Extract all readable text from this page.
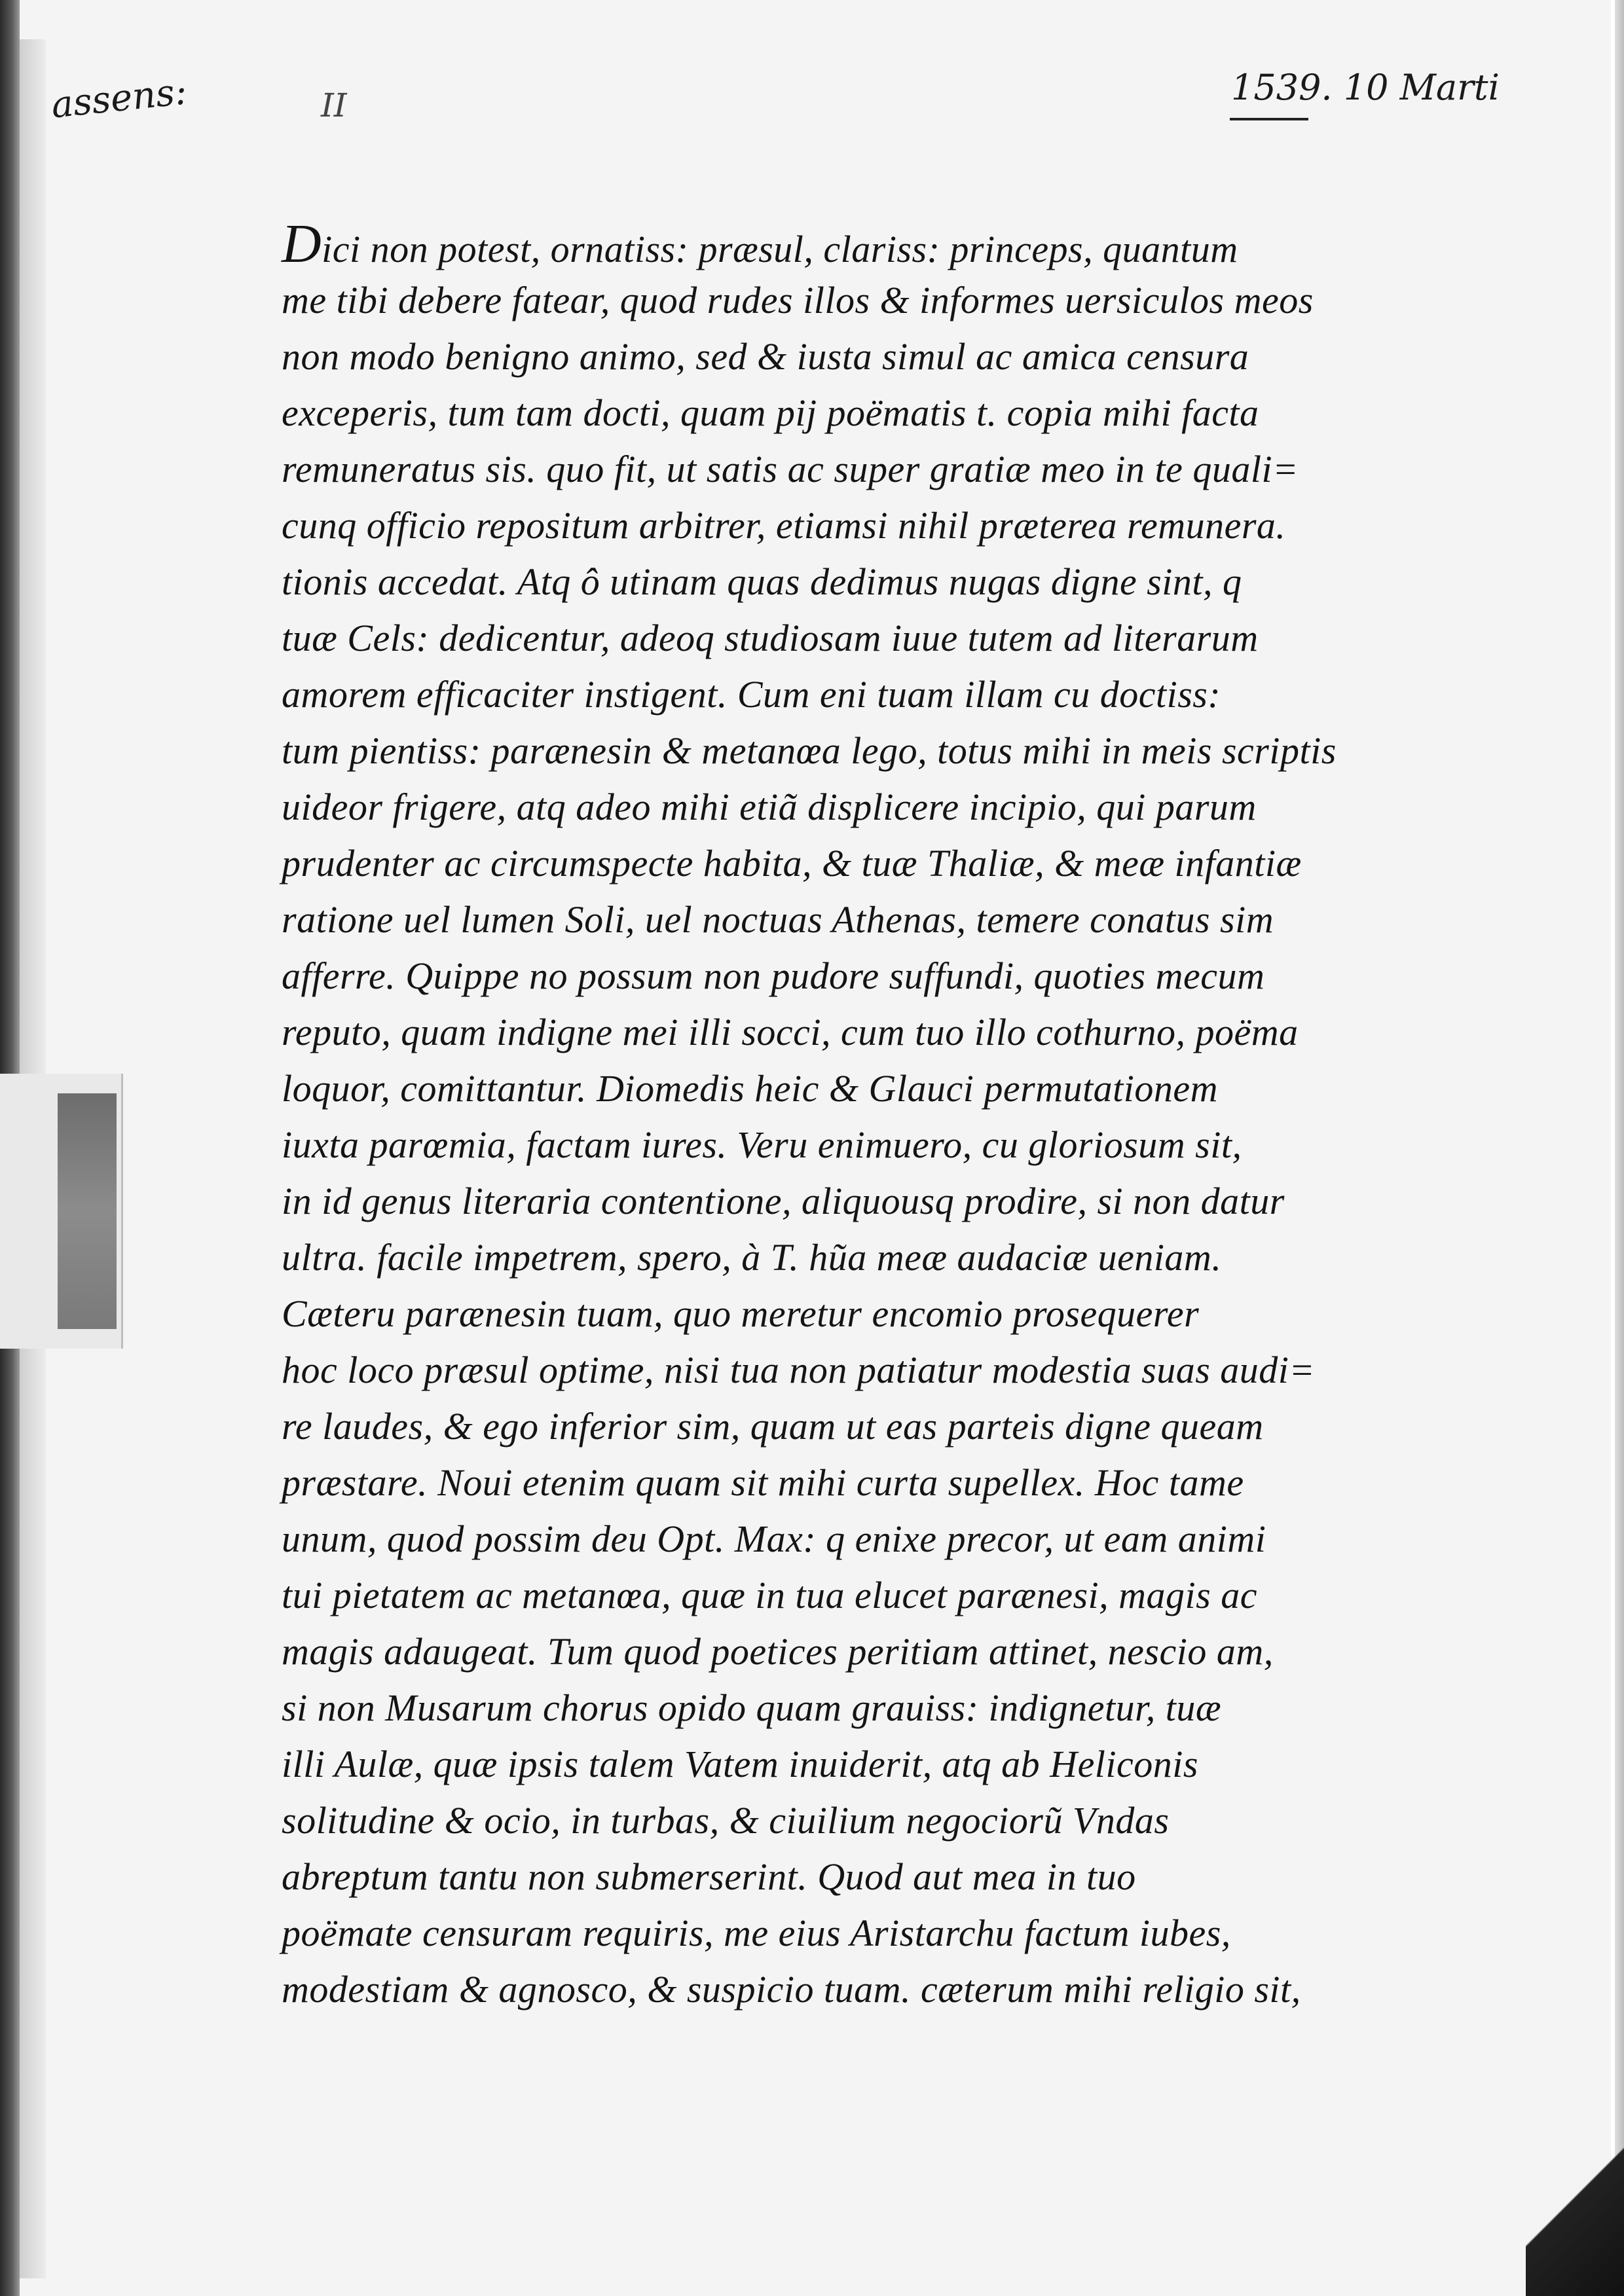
assens:	II	1539. 10 Marti
Dici non potest, ornatiss: præsul, clariss: princeps, quantum
me tibi debere fatear, quod rudes illos & informes uersiculos meos
non modo benigno animo, sed & iusta simul ac amica censura
exceperis, tum tam docti, quam pij poëmatis t. copia mihi facta
remuneratus sis. quo fit, ut satis ac super gratiæ meo in te quali=
cunq officio repositum arbitrer, etiamsi nihil præterea remunera.
tionis accedat. Atq ô utinam quas dedimus nugas digne sint, q
tuæ Cels: dedicentur, adeoq studiosam iuue tutem ad literarum
amorem efficaciter instigent. Cum eni tuam illam cu doctiss:
tum pientiss: parænesin & metanœa lego, totus mihi in meis scriptis
uideor frigere, atq adeo mihi etiã displicere incipio, qui parum
prudenter ac circumspecte habita, & tuæ Thaliæ, & meæ infantiæ
ratione uel lumen Soli, uel noctuas Athenas, temere conatus sim
afferre. Quippe no possum non pudore suffundi, quoties mecum
reputo, quam indigne mei illi socci, cum tuo illo cothurno, poëma
loquor, comittantur. Diomedis heic & Glauci permutationem
iuxta parœmia, factam iures. Veru enimuero, cu gloriosum sit,
in id genus literaria contentione, aliquousq prodire, si non datur
ultra. facile impetrem, spero, à T. hũa meæ audaciæ ueniam.
Cæteru parænesin tuam, quo meretur encomio prosequerer
hoc loco præsul optime, nisi tua non patiatur modestia suas audi=
re laudes, & ego inferior sim, quam ut eas parteis digne queam
præstare. Noui etenim quam sit mihi curta supellex. Hoc tame
unum, quod possim deu Opt. Max: q enixe precor, ut eam animi
tui pietatem ac metanœa, quæ in tua elucet parænesi, magis ac
magis adaugeat. Tum quod poetices peritiam attinet, nescio am,
si non Musarum chorus opido quam grauiss: indignetur, tuæ
illi Aulæ, quæ ipsis talem Vatem inuiderit, atq ab Heliconis
solitudine & ocio, in turbas, & ciuilium negociorũ Vndas
abreptum tantu non submerserint. Quod aut mea in tuo
poëmate censuram requiris, me eius Aristarchu factum iubes,
modestiam & agnosco, & suspicio tuam. cæterum mihi religio sit,
